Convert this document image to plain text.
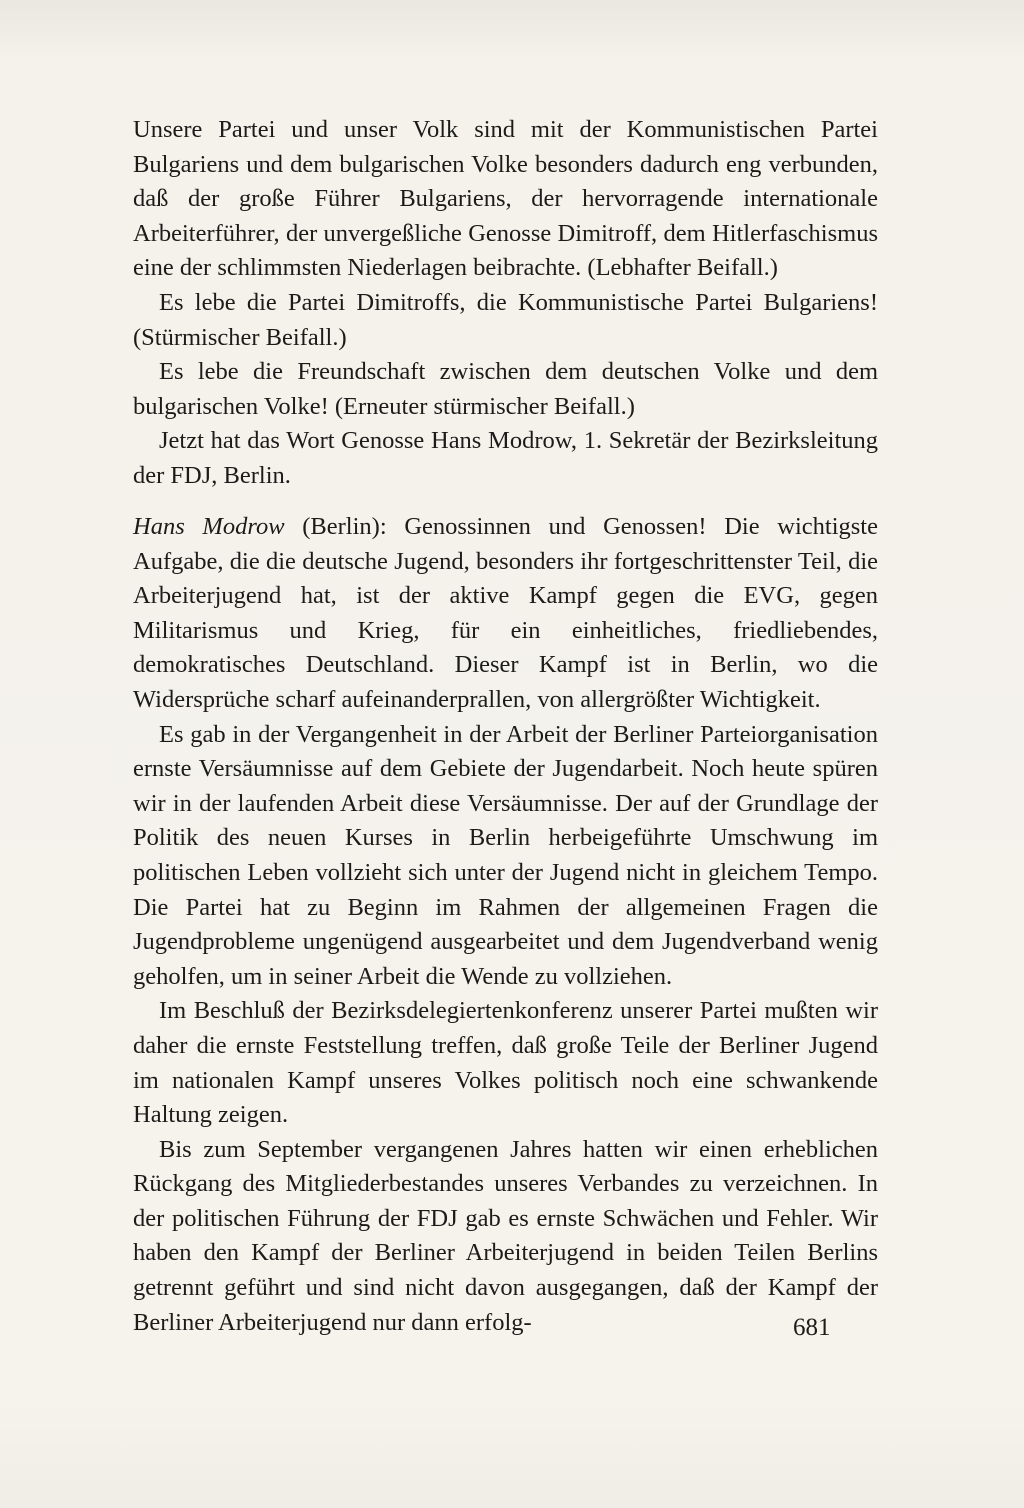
Unsere Partei und unser Volk sind mit der Kommunistischen Partei Bulgariens und dem bulgarischen Volke besonders dadurch eng verbunden, daß der große Führer Bulgariens, der hervorragende internationale Arbeiterführer, der unvergeßliche Genosse Dimitroff, dem Hitlerfaschismus eine der schlimmsten Niederlagen beibrachte. (Lebhafter Beifall.)

Es lebe die Partei Dimitroffs, die Kommunistische Partei Bulgariens! (Stürmischer Beifall.)

Es lebe die Freundschaft zwischen dem deutschen Volke und dem bulgarischen Volke! (Erneuter stürmischer Beifall.)

Jetzt hat das Wort Genosse Hans Modrow, 1. Sekretär der Bezirksleitung der FDJ, Berlin.

Hans Modrow (Berlin): Genossinnen und Genossen! Die wichtigste Aufgabe, die die deutsche Jugend, besonders ihr fortgeschrittenster Teil, die Arbeiterjugend hat, ist der aktive Kampf gegen die EVG, gegen Militarismus und Krieg, für ein einheitliches, friedliebendes, demokratisches Deutschland. Dieser Kampf ist in Berlin, wo die Widersprüche scharf aufeinanderprallen, von allergrößter Wichtigkeit.

Es gab in der Vergangenheit in der Arbeit der Berliner Parteiorganisation ernste Versäumnisse auf dem Gebiete der Jugendarbeit. Noch heute spüren wir in der laufenden Arbeit diese Versäumnisse. Der auf der Grundlage der Politik des neuen Kurses in Berlin herbeigeführte Umschwung im politischen Leben vollzieht sich unter der Jugend nicht in gleichem Tempo. Die Partei hat zu Beginn im Rahmen der allgemeinen Fragen die Jugendprobleme ungenügend ausgearbeitet und dem Jugendverband wenig geholfen, um in seiner Arbeit die Wende zu vollziehen.

Im Beschluß der Bezirksdelegiertenkonferenz unserer Partei mußten wir daher die ernste Feststellung treffen, daß große Teile der Berliner Jugend im nationalen Kampf unseres Volkes politisch noch eine schwankende Haltung zeigen.

Bis zum September vergangenen Jahres hatten wir einen erheblichen Rückgang des Mitgliederbestandes unseres Verbandes zu verzeichnen. In der politischen Führung der FDJ gab es ernste Schwächen und Fehler. Wir haben den Kampf der Berliner Arbeiterjugend in beiden Teilen Berlins getrennt geführt und sind nicht davon ausgegangen, daß der Kampf der Berliner Arbeiterjugend nur dann erfolg-	681
